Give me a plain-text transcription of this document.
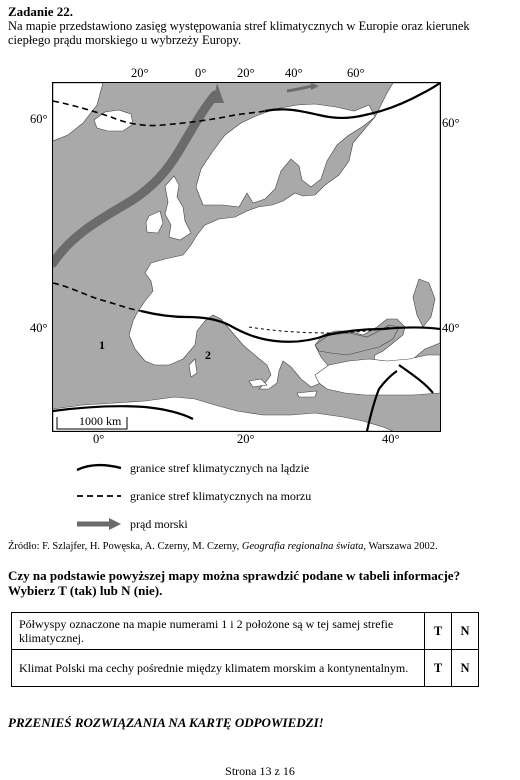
Zadanie 22.
Na mapie przedstawiono zasięg występowania stref klimatycznych w Europie oraz kierunek ciepłego prądu morskiego u wybrzeży Europy.
20°	0° 20° 40°	60°
60°	60°
40°	40°
0°	20°	40°
1
2
1000 km
granice stref klimatycznych na lądzie
granice stref klimatycznych na morzu
prąd morski
Źródło: F. Szlajfer, H. Powęska, A. Czerny, M. Czerny, Geografia regionalna świata, Warszawa 2002.
Czy na podstawie powyższej mapy można sprawdzić podane w tabeli informacje? Wybierz T (tak) lub N (nie).
Półwyspy oznaczone na mapie numerami 1 i 2 położone są w tej samej strefie klimatycznej.	T	N
Klimat Polski ma cechy pośrednie między klimatem morskim a kontynentalnym.	T	N
PRZENIEŚ ROZWIĄZANIA NA KARTĘ ODPOWIEDZI!
Strona 13 z 16
